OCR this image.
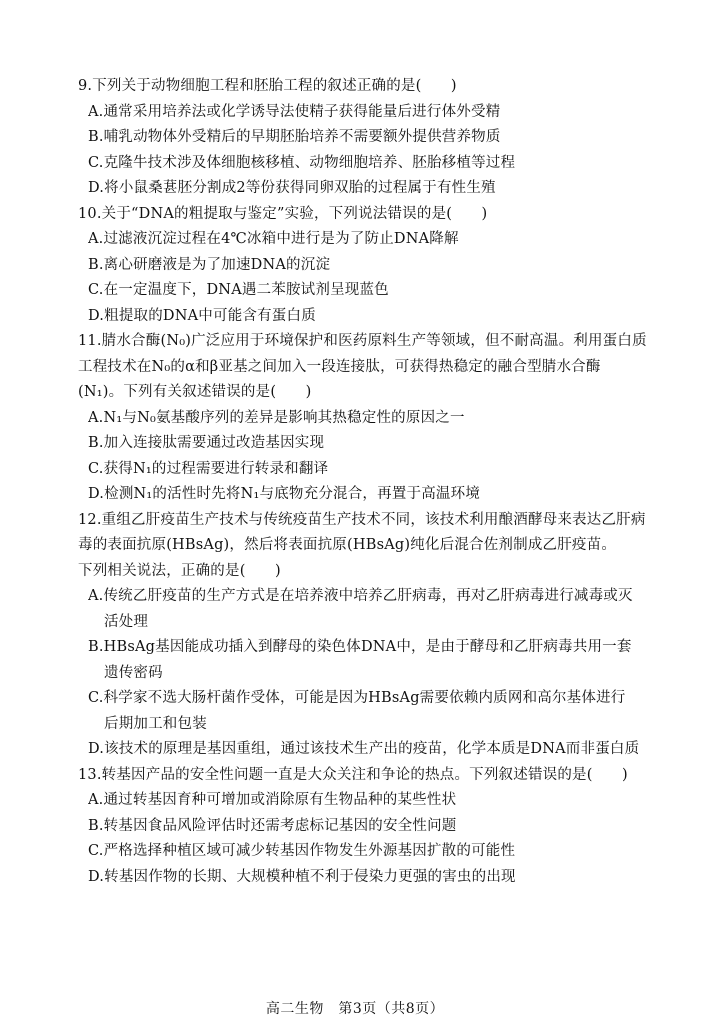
9.下列关于动物细胞工程和胚胎工程的叙述正确的是(　　)
A.通常采用培养法或化学诱导法使精子获得能量后进行体外受精
B.哺乳动物体外受精后的早期胚胎培养不需要额外提供营养物质
C.克隆牛技术涉及体细胞核移植、动物细胞培养、胚胎移植等过程
D.将小鼠桑葚胚分割成2等份获得同卵双胎的过程属于有性生殖
10.关于“DNA的粗提取与鉴定”实验，下列说法错误的是(　　)
A.过滤液沉淀过程在4℃冰箱中进行是为了防止DNA降解
B.离心研磨液是为了加速DNA的沉淀
C.在一定温度下，DNA遇二苯胺试剂呈现蓝色
D.粗提取的DNA中可能含有蛋白质
11.腈水合酶(N₀)广泛应用于环境保护和医药原料生产等领域，但不耐高温。利用蛋白质
工程技术在N₀的α和β亚基之间加入一段连接肽，可获得热稳定的融合型腈水合酶
(N₁)。下列有关叙述错误的是(　　)
A.N₁与N₀氨基酸序列的差异是影响其热稳定性的原因之一
B.加入连接肽需要通过改造基因实现
C.获得N₁的过程需要进行转录和翻译
D.检测N₁的活性时先将N₁与底物充分混合，再置于高温环境
12.重组乙肝疫苗生产技术与传统疫苗生产技术不同，该技术利用酿酒酵母来表达乙肝病
毒的表面抗原(HBsAg)，然后将表面抗原(HBsAg)纯化后混合佐剂制成乙肝疫苗。
下列相关说法，正确的是(　　)
A.传统乙肝疫苗的生产方式是在培养液中培养乙肝病毒，再对乙肝病毒进行减毒或灭
活处理
B.HBsAg基因能成功插入到酵母的染色体DNA中，是由于酵母和乙肝病毒共用一套
遗传密码
C.科学家不选大肠杆菌作受体，可能是因为HBsAg需要依赖内质网和高尔基体进行
后期加工和包装
D.该技术的原理是基因重组，通过该技术生产出的疫苗，化学本质是DNA而非蛋白质
13.转基因产品的安全性问题一直是大众关注和争论的热点。下列叙述错误的是(　　)
A.通过转基因育种可增加或消除原有生物品种的某些性状
B.转基因食品风险评估时还需考虑标记基因的安全性问题
C.严格选择种植区域可减少转基因作物发生外源基因扩散的可能性
D.转基因作物的长期、大规模种植不利于侵染力更强的害虫的出现
高二生物　第3页（共8页）
